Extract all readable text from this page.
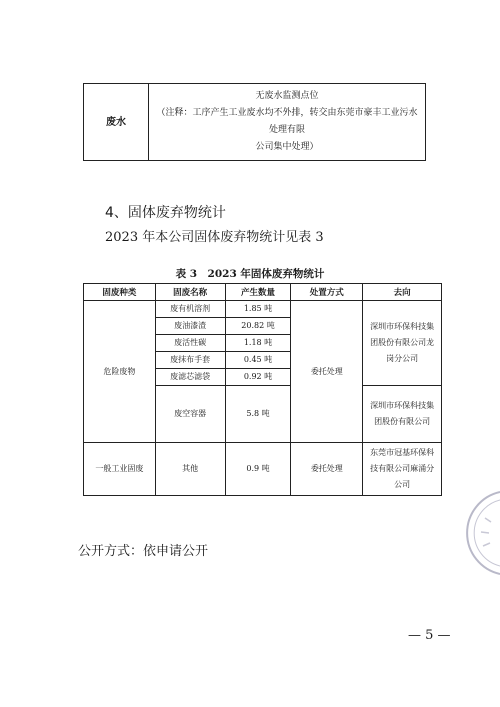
废水	
无废水监测点位
（注释：工序产生工业废水均不外排，转交由东莞市豪丰工业污水处理有限
公司集中处理）
4、固体废弃物统计
2023 年本公司固体废弃物统计见表 3
表 3　2023 年固体废弃物统计
固废种类	固废名称	产生数量	处置方式	去向
危险废物	废有机溶剂	1.85 吨	委托处理	深圳市环保科技集团股份有限公司龙岗分公司
	废油漆渣	20.82 吨		
	废活性碳	1.18 吨		
	废抹布手套	0.45 吨		
	废滤芯滤袋	0.92 吨		
	废空容器	5.8 吨		深圳市环保科技集团股份有限公司
一般工业固废	其他	0.9 吨	委托处理	东莞市冠基环保科技有限公司麻涌分公司
公开方式：依申请公开
— 5 —
